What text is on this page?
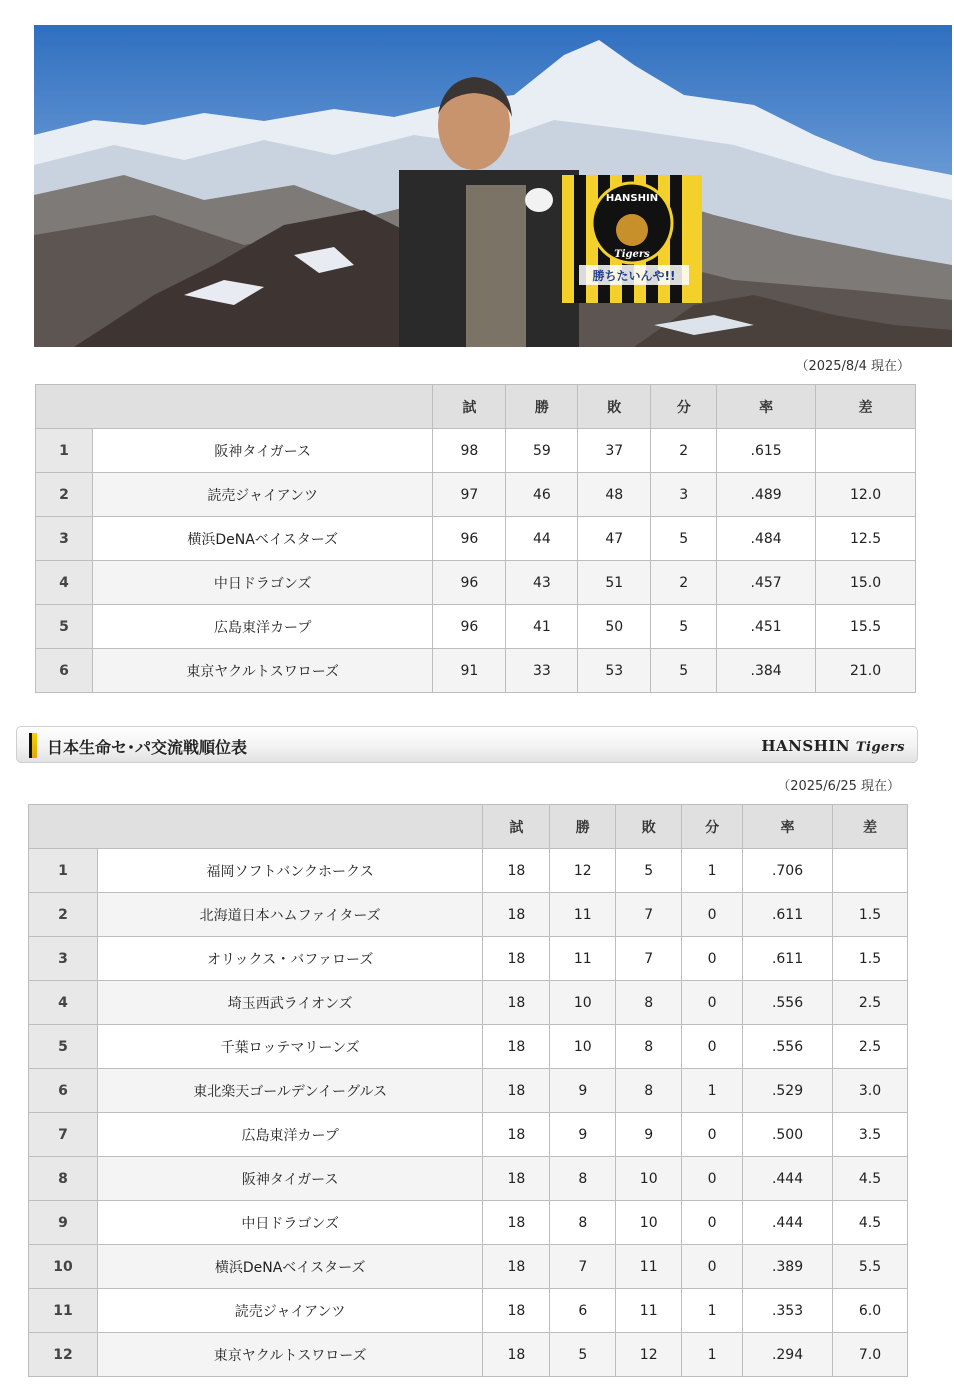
HANSHIN
Tigers
勝ちたいんや!!
（2025/8/4 現在）
		試	勝	敗	分	率	差
1	阪神タイガース	98	59	37	2	.615	
2	読売ジャイアンツ	97	46	48	3	.489	12.0
3	横浜DeNAベイスターズ	96	44	47	5	.484	12.5
4	中日ドラゴンズ	96	43	51	2	.457	15.0
5	広島東洋カープ	96	41	50	5	.451	15.5
6	東京ヤクルトスワローズ	91	33	53	5	.384	21.0
日本生命セ･パ交流戦順位表	HANSHIN Tigers
（2025/6/25 現在）
		試	勝	敗	分	率	差
1	福岡ソフトバンクホークス	18	12	5	1	.706	
2	北海道日本ハムファイターズ	18	11	7	0	.611	1.5
3	オリックス・バファローズ	18	11	7	0	.611	1.5
4	埼玉西武ライオンズ	18	10	8	0	.556	2.5
5	千葉ロッテマリーンズ	18	10	8	0	.556	2.5
6	東北楽天ゴールデンイーグルス	18	9	8	1	.529	3.0
7	広島東洋カープ	18	9	9	0	.500	3.5
8	阪神タイガース	18	8	10	0	.444	4.5
9	中日ドラゴンズ	18	8	10	0	.444	4.5
10	横浜DeNAベイスターズ	18	7	11	0	.389	5.5
11	読売ジャイアンツ	18	6	11	1	.353	6.0
12	東京ヤクルトスワローズ	18	5	12	1	.294	7.0
